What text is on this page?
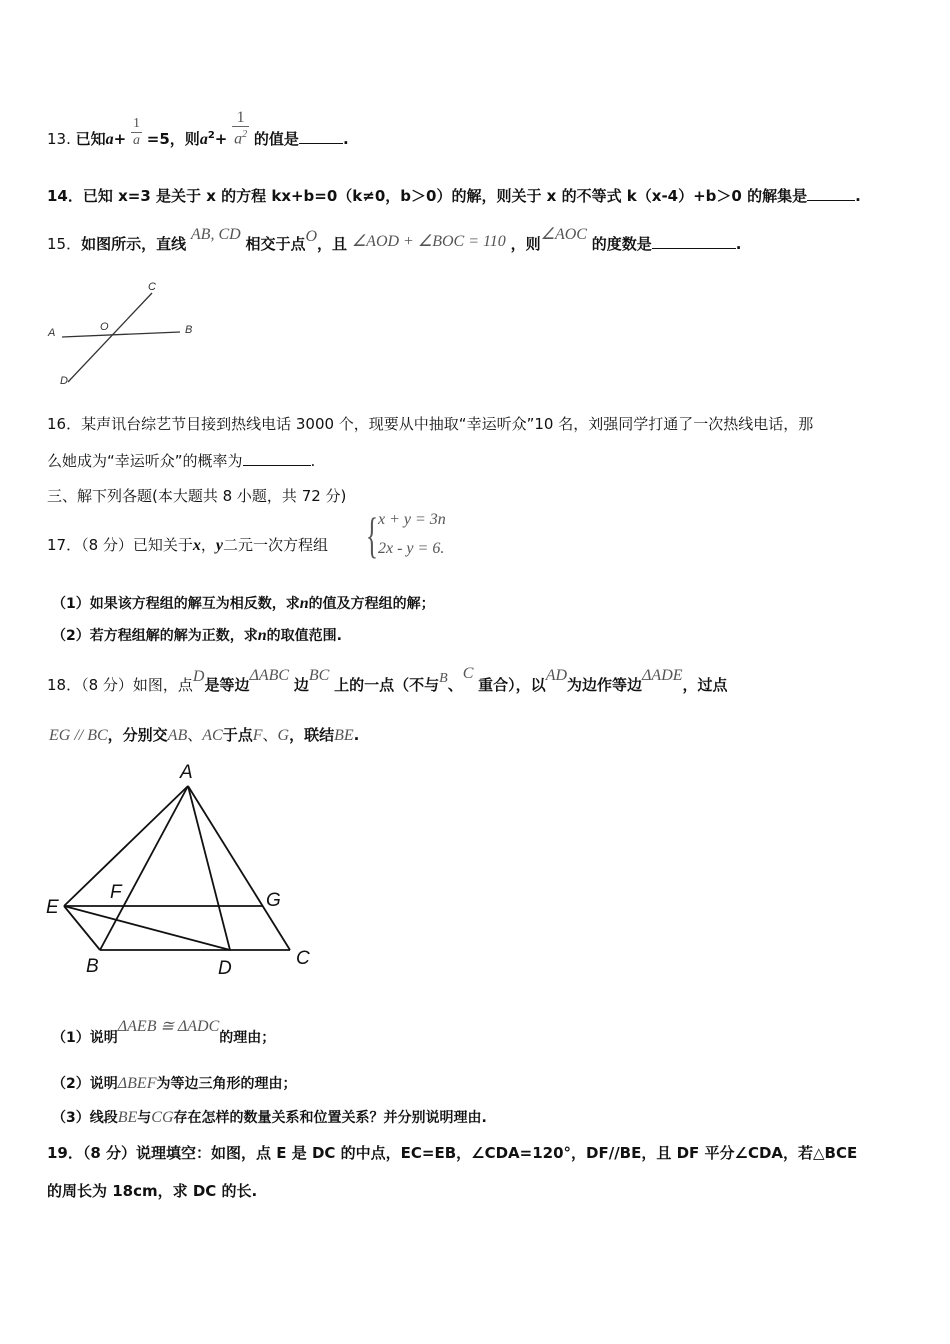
13. 已知$a+ \frac{1}{a} =5$，则$a^2+ \frac{1}{a^2}$ 的值是	.
14．已知 x=3 是关于 x 的方程 kx+b=0（k≠0，b＞0）的解，则关于 x 的不等式 k（x-4）+b＞0 的解集是	.
15．如图所示，直线 AB, CD 相交于点O，且 ∠AOD + ∠BOC = 110 ，则∠AOC 的度数是	.
A	O	B
C
D
16．某声讯台综艺节目接到热线电话 3000 个，现要从中抽取“幸运听众”10 名，刘强同学打通了一次热线电话，那
么她成为“幸运听众”的概率为	.
三、解下列各题(本大题共 8 小题，共 72 分)
17．（8 分）已知关于x，y二元一次方程组 { x + y = 3n
2x - y = 6.
（1）如果该方程组的解互为相反数，求n的值及方程组的解；
（2）若方程组解的解为正数，求n的取值范围.
18．（8 分）如图，点D是等边ΔABC 边BC 上的一点（不与B、C 重合），以AD为边作等边ΔADE，过点
EG // BC，分别交AB、AC于点F、G，联结BE.
A
E
F	G
B	D	C
（1）说明ΔAEB ≅ ΔADC的理由；
（2）说明ΔBEF为等边三角形的理由；
（3）线段BE与CG存在怎样的数量关系和位置关系？并分别说明理由.
19．（8 分）说理填空：如图，点 E 是 DC 的中点，EC=EB，∠CDA=120°，DF//BE，且 DF 平分∠CDA，若△BCE
的周长为 18cm，求 DC 的长.
